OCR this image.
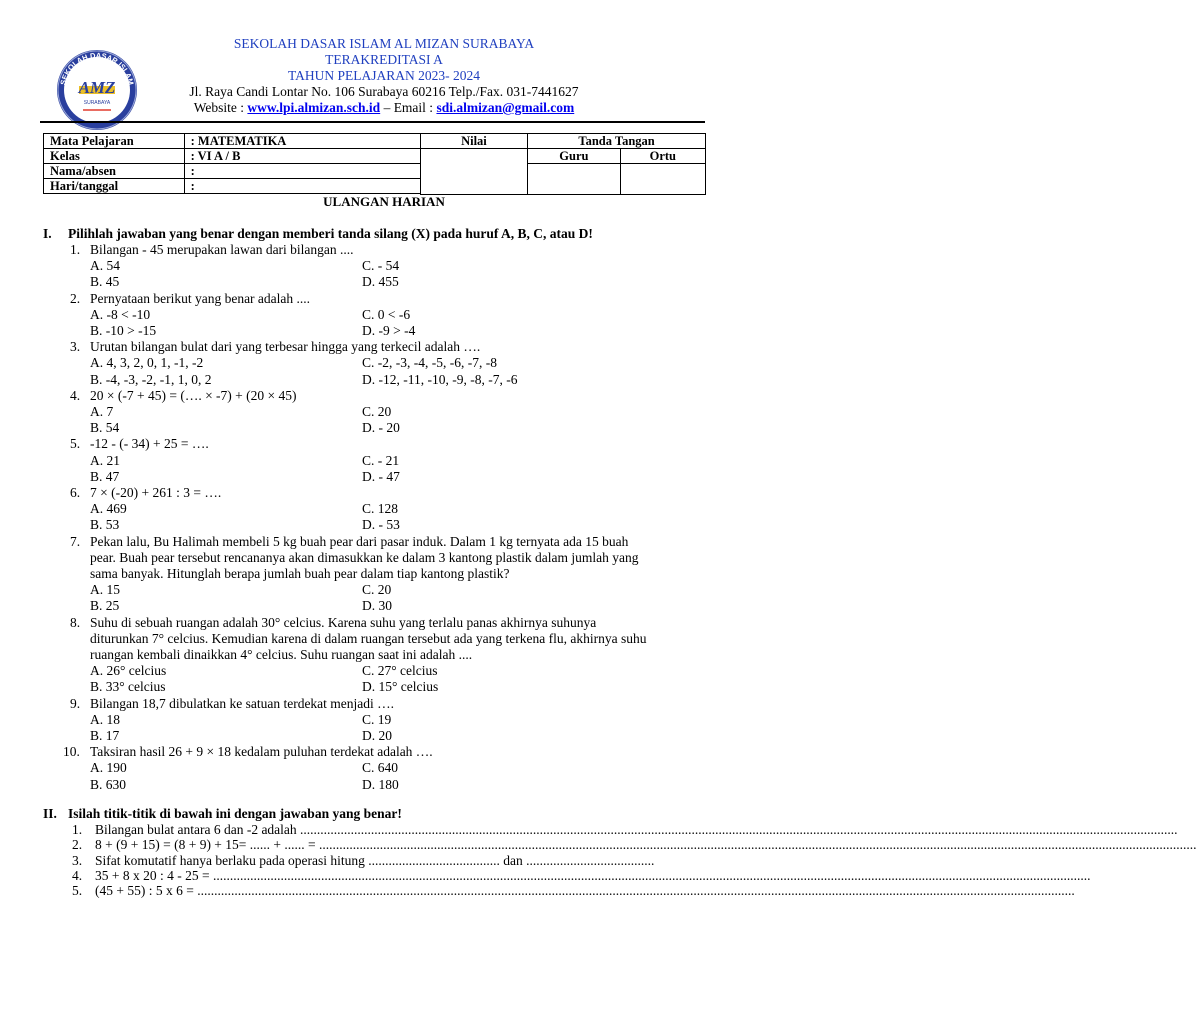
SEKOLAH DASAR ISLAM
AL MIZAN
AMZ
SURABAYA
SEKOLAH DASAR ISLAM AL MIZAN SURABAYA
TERAKREDITASI A
TAHUN PELAJARAN 2023- 2024
Jl. Raya Candi Lontar No. 106 Surabaya 60216 Telp./Fax. 031-7441627
Website : www.lpi.almizan.sch.id – Email : sdi.almizan@gmail.com
Mata Pelajaran	: MATEMATIKA	Nilai	Tanda Tangan	
Kelas	: VI A / B		Guru	Ortu
Nama/absen	:			
Hari/tanggal	:			

ULANGAN HARIAN
I. Pilihlah jawaban yang benar dengan memberi tanda silang (X) pada huruf A, B, C, atau D!
1. Bilangan - 45 merupakan lawan dari bilangan ....
A. 54	C. - 54
B. 45	D. 455
2. Pernyataan berikut yang benar adalah ....
A. -8 < -10	C. 0 < -6
B. -10 > -15	D. -9 > -4
3. Urutan bilangan bulat dari yang terbesar hingga yang terkecil adalah ….
A. 4, 3, 2, 0, 1, -1, -2	C. -2, -3, -4, -5, -6, -7, -8
B. -4, -3, -2, -1, 1, 0, 2	D. -12, -11, -10, -9, -8, -7, -6
4. 20 × (-7 + 45) = (…. × -7) + (20 × 45)
A. 7	C. 20
B. 54	D. - 20
5. -12 - (- 34) + 25 = ….
A. 21	C. - 21
B. 47	D. - 47
6. 7 × (-20) + 261 : 3 = ….
A. 469	C. 128
B. 53	D. - 53
7. Pekan lalu, Bu Halimah membeli 5 kg buah pear dari pasar induk. Dalam 1 kg ternyata ada 15 buah
pear. Buah pear tersebut rencananya akan dimasukkan ke dalam 3 kantong plastik dalam jumlah yang
sama banyak. Hitunglah berapa jumlah buah pear dalam tiap kantong plastik?
A. 15	C. 20
B. 25	D. 30
8. Suhu di sebuah ruangan adalah 30° celcius. Karena suhu yang terlalu panas akhirnya suhunya
diturunkan 7° celcius. Kemudian karena di dalam ruangan tersebut ada yang terkena flu, akhirnya suhu
ruangan kembali dinaikkan 4° celcius. Suhu ruangan saat ini adalah ....
A. 26° celcius	C. 27° celcius
B. 33° celcius	D. 15° celcius
9. Bilangan 18,7 dibulatkan ke satuan terdekat menjadi ….
A. 18	C. 19
B. 17	D. 20
10. Taksiran hasil 26 + 9 × 18 kedalam puluhan terdekat adalah ….
A. 190	C. 640
B. 630	D. 180
II. Isilah titik-titik di bawah ini dengan jawaban yang benar!
1. Bilangan bulat antara 6 dan -2 adalah ....................................................................................................................................................................................................................................................................
2. 8 + (9 + 15) = (8 + 9) + 15= ...... + ...... = ....................................................................................................................................................................................................................................................................
3. Sifat komutatif hanya berlaku pada operasi hitung ....................................... dan ......................................
4. 35 + 8 x 20 : 4 - 25 = ....................................................................................................................................................................................................................................................................
5. (45 + 55) : 5 x 6 = ....................................................................................................................................................................................................................................................................
